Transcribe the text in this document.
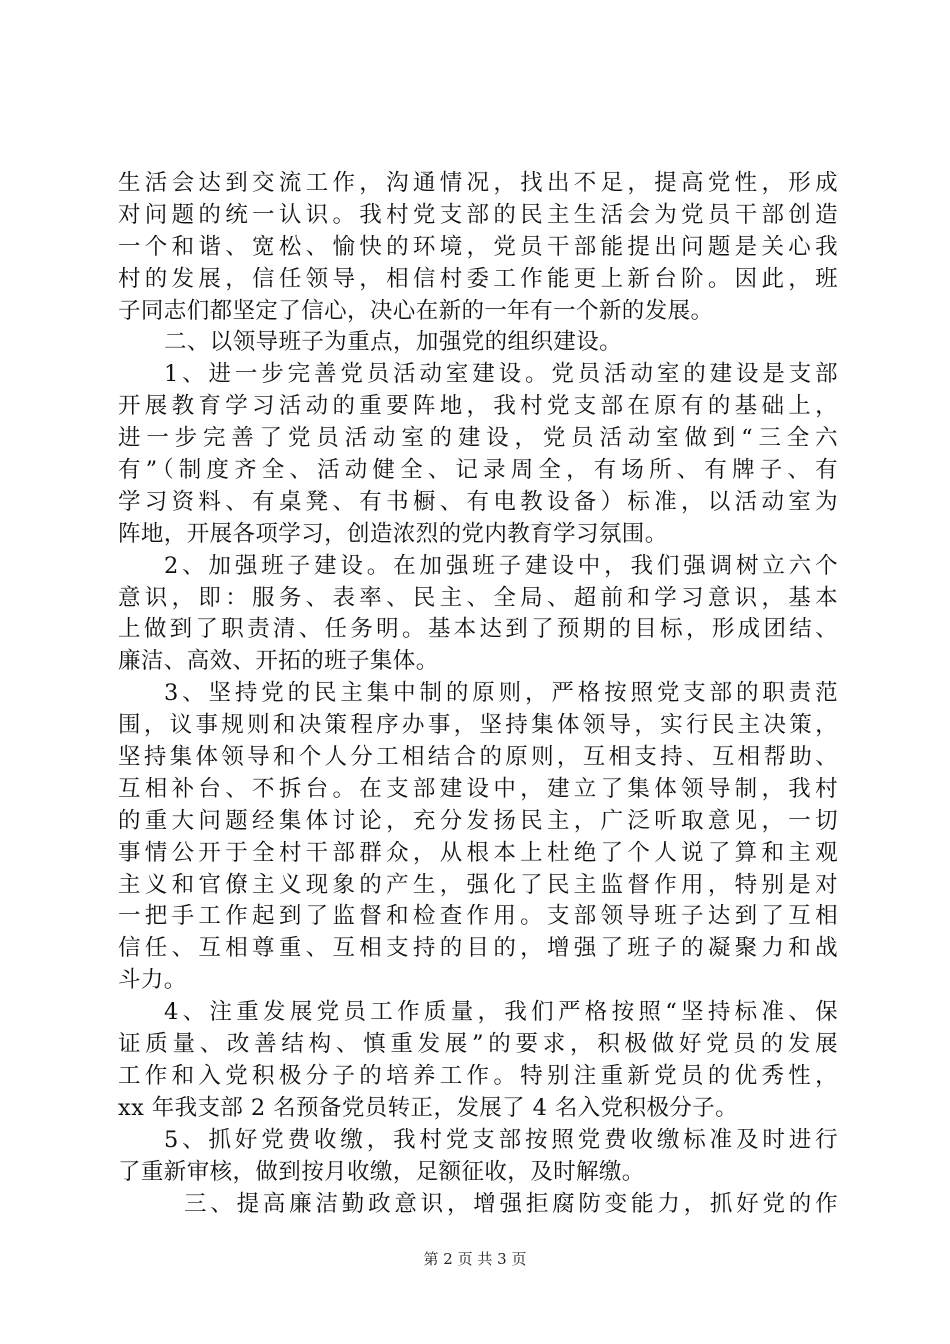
生活会达到交流工作，沟通情况，找出不足，提高党性，形成
对问题的统一认识。我村党支部的民主生活会为党员干部创造
一个和谐、宽松、愉快的环境，党员干部能提出问题是关心我
村的发展，信任领导，相信村委工作能更上新台阶。因此，班
子同志们都坚定了信心，决心在新的一年有一个新的发展。
二、以领导班子为重点，加强党的组织建设。
1、进一步完善党员活动室建设。党员活动室的建设是支部
开展教育学习活动的重要阵地，我村党支部在原有的基础上，
进一步完善了党员活动室的建设，党员活动室做到“三全六
有”（制度齐全、活动健全、记录周全，有场所、有牌子、有
学习资料、有桌凳、有书橱、有电教设备）标准，以活动室为
阵地，开展各项学习，创造浓烈的党内教育学习氛围。
2、加强班子建设。在加强班子建设中，我们强调树立六个
意识，即：服务、表率、民主、全局、超前和学习意识，基本
上做到了职责清、任务明。基本达到了预期的目标，形成团结、
廉洁、高效、开拓的班子集体。
3、坚持党的民主集中制的原则，严格按照党支部的职责范
围，议事规则和决策程序办事，坚持集体领导，实行民主决策，
坚持集体领导和个人分工相结合的原则，互相支持、互相帮助、
互相补台、不拆台。在支部建设中，建立了集体领导制，我村
的重大问题经集体讨论，充分发扬民主，广泛听取意见，一切
事情公开于全村干部群众，从根本上杜绝了个人说了算和主观
主义和官僚主义现象的产生，强化了民主监督作用，特别是对
一把手工作起到了监督和检查作用。支部领导班子达到了互相
信任、互相尊重、互相支持的目的，增强了班子的凝聚力和战
斗力。
4、注重发展党员工作质量，我们严格按照“坚持标准、保
证质量、改善结构、慎重发展”的要求，积极做好党员的发展
工作和入党积极分子的培养工作。特别注重新党员的优秀性，
xx 年我支部 2 名预备党员转正，发展了 4 名入党积极分子。
5、抓好党费收缴，我村党支部按照党费收缴标准及时进行
了重新审核，做到按月收缴，足额征收，及时解缴。
三、提高廉洁勤政意识，增强拒腐防变能力，抓好党的作
第 2 页 共 3 页
